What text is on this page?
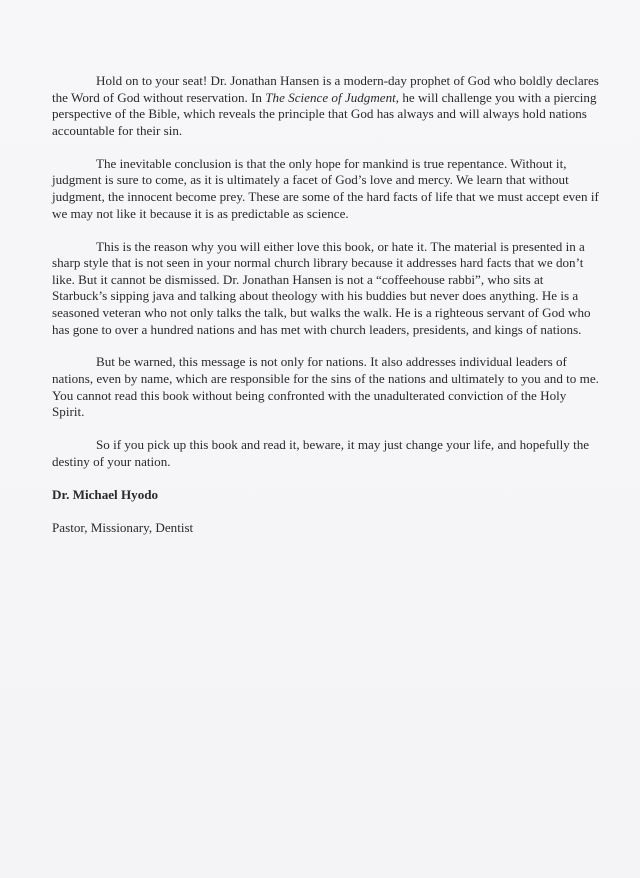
Hold on to your seat! Dr. Jonathan Hansen is a modern-day prophet of God who boldly declares the Word of God without reservation. In The Science of Judgment, he will challenge you with a piercing perspective of the Bible, which reveals the principle that God has always and will always hold nations accountable for their sin.

The inevitable conclusion is that the only hope for mankind is true repentance. Without it, judgment is sure to come, as it is ultimately a facet of God’s love and mercy. We learn that without judgment, the innocent become prey. These are some of the hard facts of life that we must accept even if we may not like it because it is as predictable as science.

This is the reason why you will either love this book, or hate it. The material is presented in a sharp style that is not seen in your normal church library because it addresses hard facts that we don’t like. But it cannot be dismissed. Dr. Jonathan Hansen is not a “coffeehouse rabbi”, who sits at Starbuck’s sipping java and talking about theology with his buddies but never does anything. He is a seasoned veteran who not only talks the talk, but walks the walk. He is a righteous servant of God who has gone to over a hundred nations and has met with church leaders, presidents, and kings of nations.

But be warned, this message is not only for nations. It also addresses individual leaders of nations, even by name, which are responsible for the sins of the nations and ultimately to you and to me. You cannot read this book without being confronted with the unadulterated conviction of the Holy Spirit.

So if you pick up this book and read it, beware, it may just change your life, and hopefully the destiny of your nation.

Dr. Michael Hyodo

Pastor, Missionary, Dentist
